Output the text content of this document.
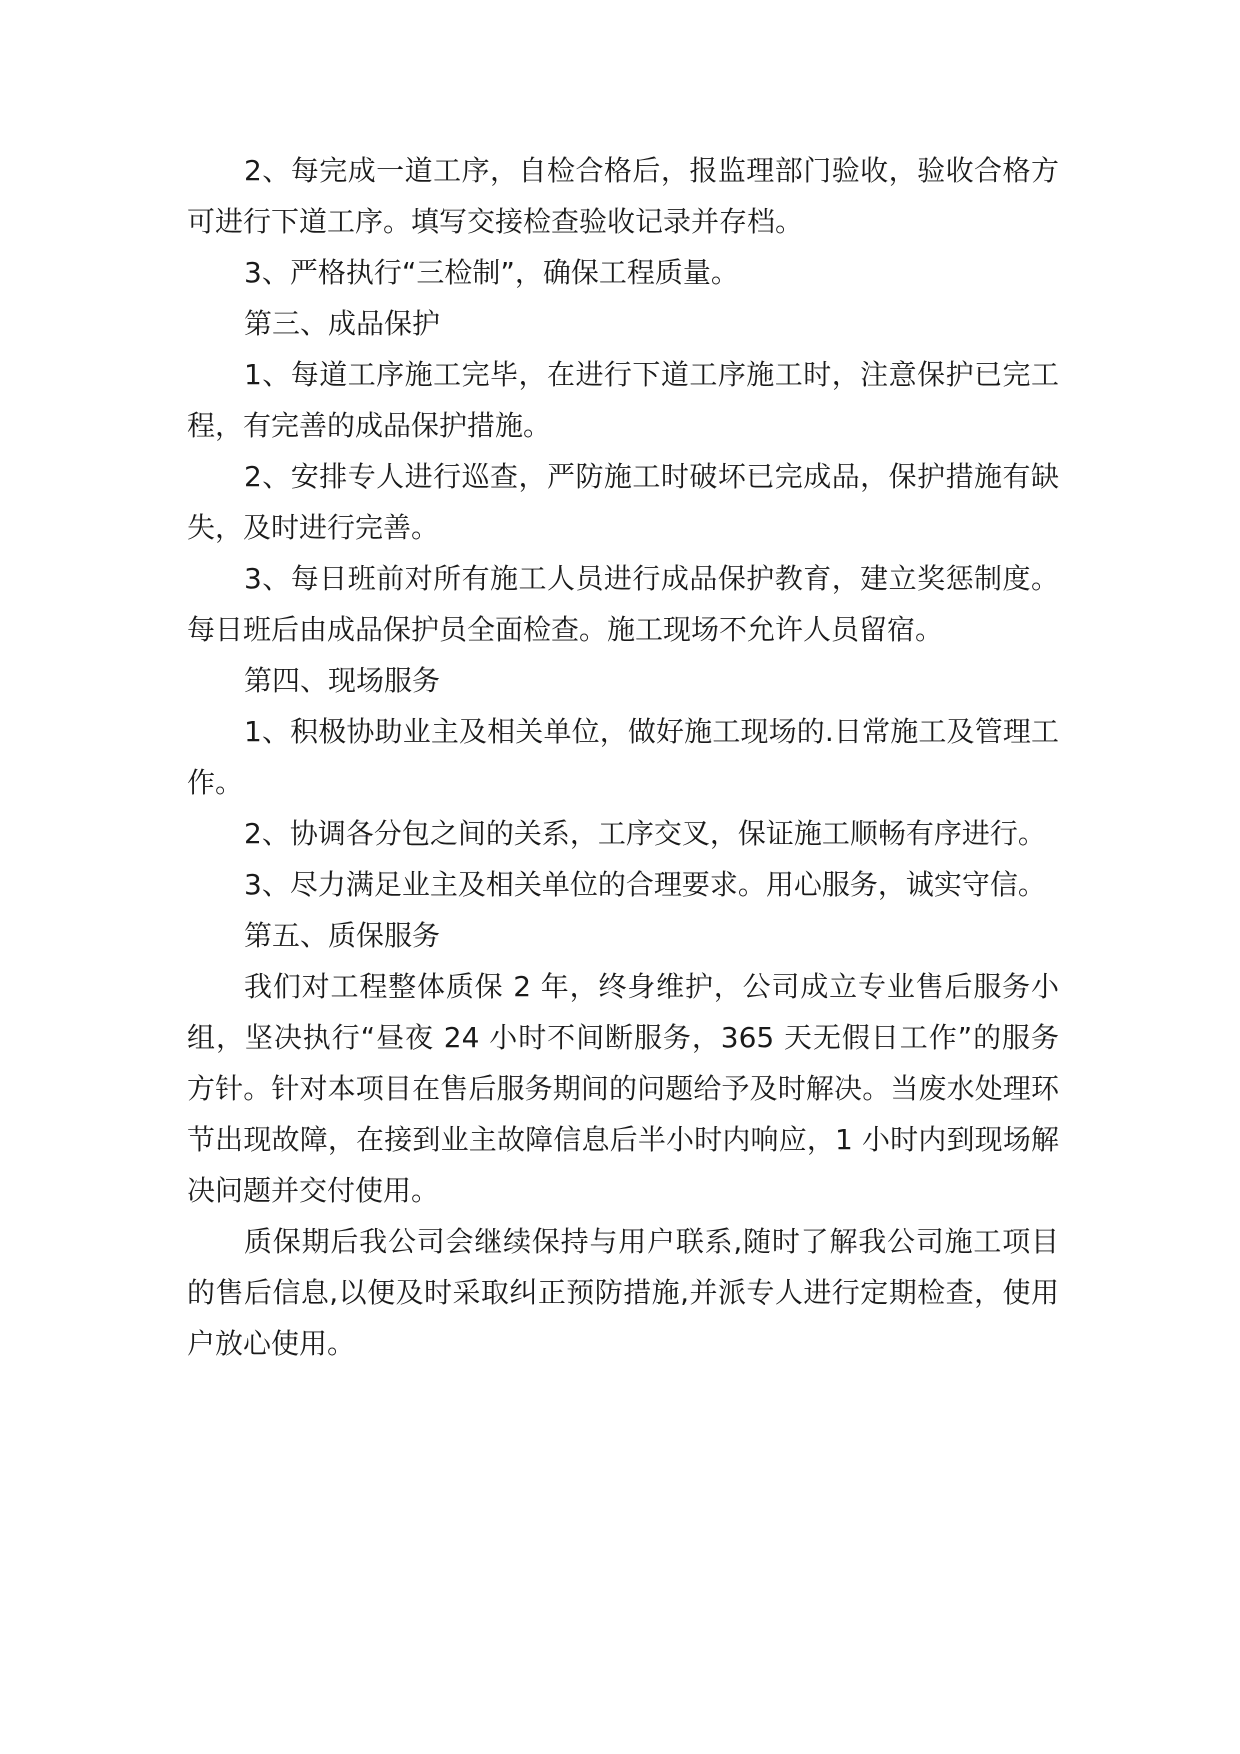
2、每完成一道工序，自检合格后，报监理部门验收，验收合格方可进行下道工序。填写交接检查验收记录并存档。

3、严格执行“三检制”，确保工程质量。

第三、成品保护

1、每道工序施工完毕，在进行下道工序施工时，注意保护已完工程，有完善的成品保护措施。

2、安排专人进行巡查，严防施工时破坏已完成品，保护措施有缺失，及时进行完善。

3、每日班前对所有施工人员进行成品保护教育，建立奖惩制度。每日班后由成品保护员全面检查。施工现场不允许人员留宿。

第四、现场服务

1、积极协助业主及相关单位，做好施工现场的.日常施工及管理工作。

2、协调各分包之间的关系，工序交叉，保证施工顺畅有序进行。

3、尽力满足业主及相关单位的合理要求。用心服务，诚实守信。

第五、质保服务

我们对工程整体质保 2 年，终身维护，公司成立专业售后服务小组，坚决执行“昼夜 24 小时不间断服务，365 天无假日工作”的服务方针。针对本项目在售后服务期间的问题给予及时解决。当废水处理环节出现故障，在接到业主故障信息后半小时内响应，1 小时内到现场解决问题并交付使用。

质保期后我公司会继续保持与用户联系,随时了解我公司施工项目的售后信息,以便及时采取纠正预防措施,并派专人进行定期检查，使用户放心使用。
